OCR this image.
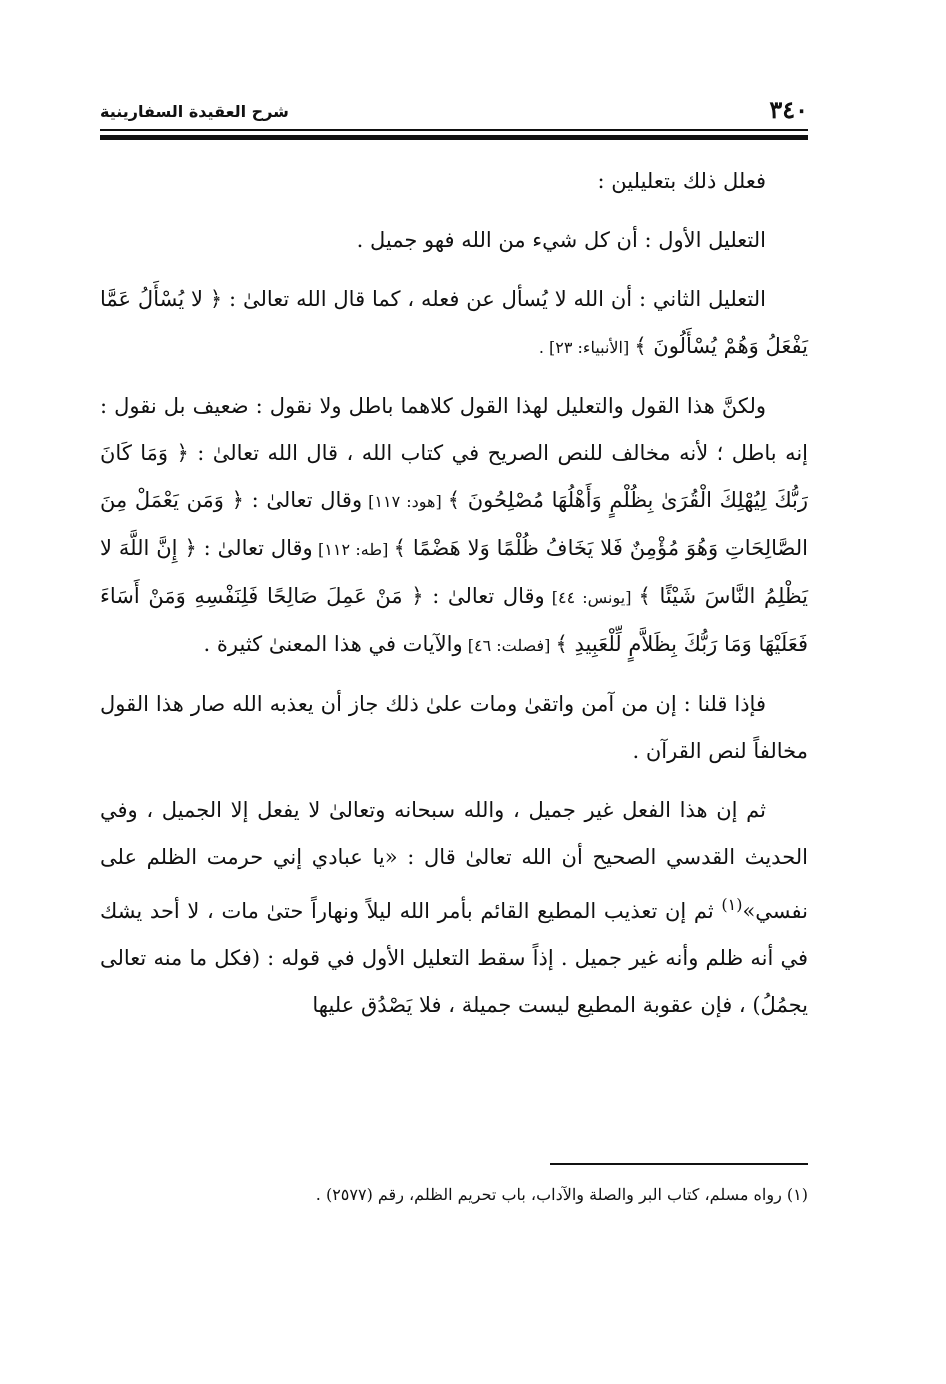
٣٤٠
شرح العقيدة السفارينية

فعلل ذلك بتعليلين :

التعليل الأول : أن كل شيء من الله فهو جميل .

التعليل الثاني : أن الله لا يُسأل عن فعله ، كما قال الله تعالىٰ : ﴿ لا يُسْأَلُ عَمَّا يَفْعَلُ وَهُمْ يُسْأَلُونَ ﴾ [الأنبياء: ٢٣] .

ولكنَّ هذا القول والتعليل لهذا القول كلاهما باطل ولا نقول : ضعيف بل نقول : إنه باطل ؛ لأنه مخالف للنص الصريح في كتاب الله ، قال الله تعالىٰ : ﴿ وَمَا كَانَ رَبُّكَ لِيُهْلِكَ الْقُرَىٰ بِظُلْمٍ وَأَهْلُهَا مُصْلِحُونَ ﴾ [هود: ١١٧] وقال تعالىٰ : ﴿ وَمَن يَعْمَلْ مِنَ الصَّالِحَاتِ وَهُوَ مُؤْمِنٌ فَلا يَخَافُ ظُلْمًا وَلا هَضْمًا ﴾ [طه: ١١٢] وقال تعالىٰ : ﴿ إِنَّ اللَّهَ لا يَظْلِمُ النَّاسَ شَيْئًا ﴾ [يونس: ٤٤] وقال تعالىٰ : ﴿ مَنْ عَمِلَ صَالِحًا فَلِنَفْسِهِ وَمَنْ أَسَاءَ فَعَلَيْهَا وَمَا رَبُّكَ بِظَلاَّمٍ لِّلْعَبِيدِ ﴾ [فصلت: ٤٦] والآيات في هذا المعنىٰ كثيرة .

فإذا قلنا : إن من آمن واتقىٰ ومات علىٰ ذلك جاز أن يعذبه الله صار هذا القول مخالفاً لنص القرآن .

ثم إن هذا الفعل غير جميل ، والله سبحانه وتعالىٰ لا يفعل إلا الجميل ، وفي الحديث القدسي الصحيح أن الله تعالىٰ قال : «يا عبادي إني حرمت الظلم على نفسي»$^{(١)}$ ثم إن تعذيب المطيع القائم بأمر الله ليلاً ونهاراً حتىٰ مات ، لا أحد يشك في أنه ظلم وأنه غير جميل . إذاً سقط التعليل الأول في قوله : (فكل ما منه تعالى يجمُلُ) ، فإن عقوبة المطيع ليست جميلة ، فلا يَصْدُق عليها

(١) رواه مسلم، كتاب البر والصلة والآداب، باب تحريم الظلم، رقم (٢٥٧٧) .
